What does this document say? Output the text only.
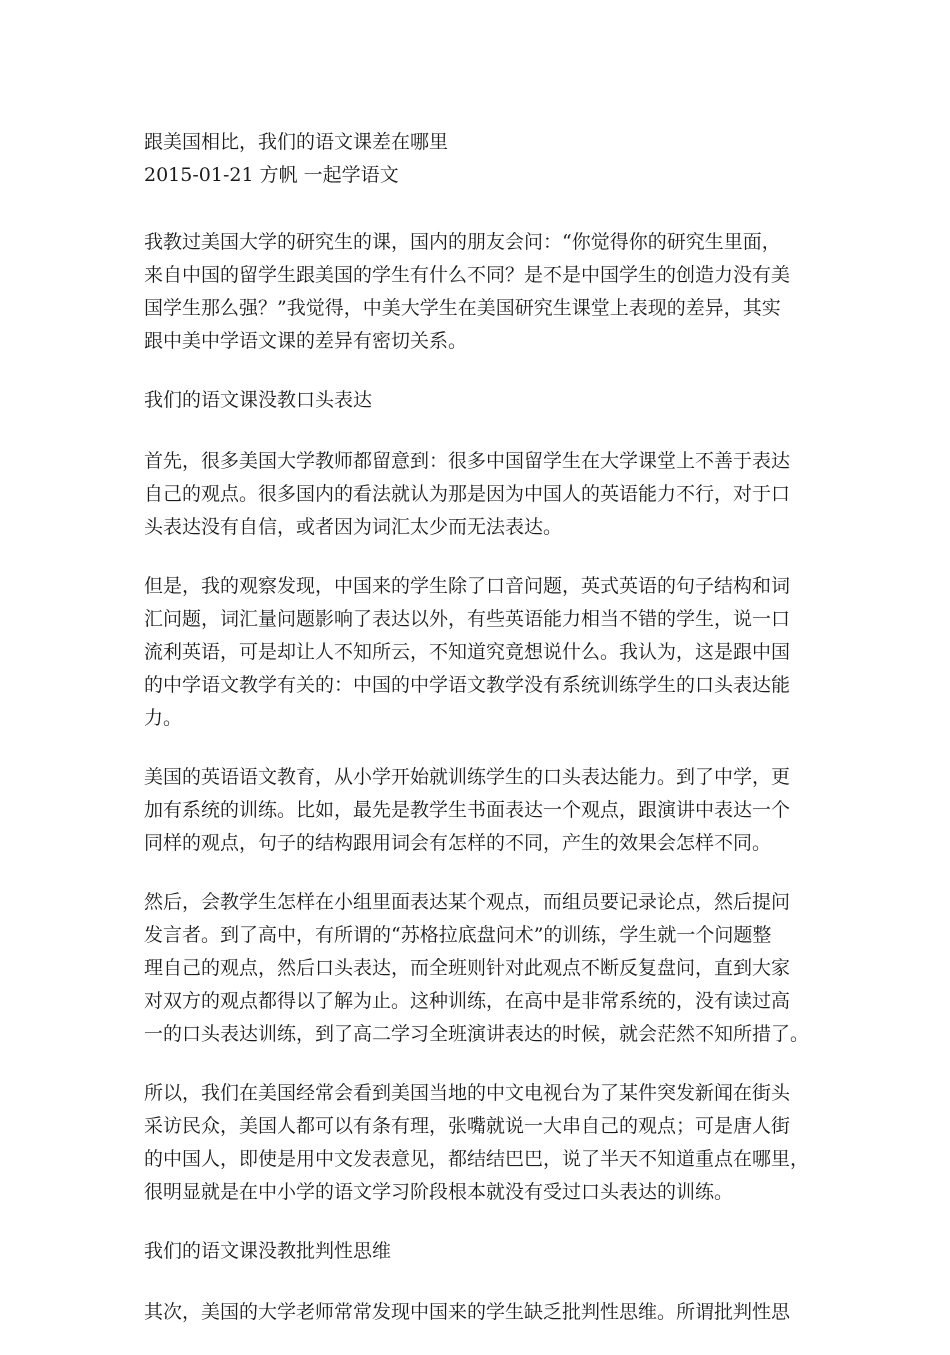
跟美国相比，我们的语文课差在哪里
2015-01-21 方帆 一起学语文
我教过美国大学的研究生的课，国内的朋友会问：“你觉得你的研究生里面，
来自中国的留学生跟美国的学生有什么不同？是不是中国学生的创造力没有美
国学生那么强？”我觉得，中美大学生在美国研究生课堂上表现的差异，其实
跟中美中学语文课的差异有密切关系。
我们的语文课没教口头表达
首先，很多美国大学教师都留意到：很多中国留学生在大学课堂上不善于表达
自己的观点。很多国内的看法就认为那是因为中国人的英语能力不行，对于口
头表达没有自信，或者因为词汇太少而无法表达。
但是，我的观察发现，中国来的学生除了口音问题，英式英语的句子结构和词
汇问题，词汇量问题影响了表达以外，有些英语能力相当不错的学生，说一口
流利英语，可是却让人不知所云，不知道究竟想说什么。我认为，这是跟中国
的中学语文教学有关的：中国的中学语文教学没有系统训练学生的口头表达能
力。
美国的英语语文教育，从小学开始就训练学生的口头表达能力。到了中学，更
加有系统的训练。比如，最先是教学生书面表达一个观点，跟演讲中表达一个
同样的观点，句子的结构跟用词会有怎样的不同，产生的效果会怎样不同。
然后，会教学生怎样在小组里面表达某个观点，而组员要记录论点，然后提问
发言者。到了高中，有所谓的“苏格拉底盘问术”的训练，学生就一个问题整
理自己的观点，然后口头表达，而全班则针对此观点不断反复盘问，直到大家
对双方的观点都得以了解为止。这种训练，在高中是非常系统的，没有读过高
一的口头表达训练，到了高二学习全班演讲表达的时候，就会茫然不知所措了。
所以，我们在美国经常会看到美国当地的中文电视台为了某件突发新闻在街头
采访民众，美国人都可以有条有理，张嘴就说一大串自己的观点；可是唐人街
的中国人，即使是用中文发表意见，都结结巴巴，说了半天不知道重点在哪里，
很明显就是在中小学的语文学习阶段根本就没有受过口头表达的训练。
我们的语文课没教批判性思维
其次，美国的大学老师常常发现中国来的学生缺乏批判性思维。所谓批判性思
